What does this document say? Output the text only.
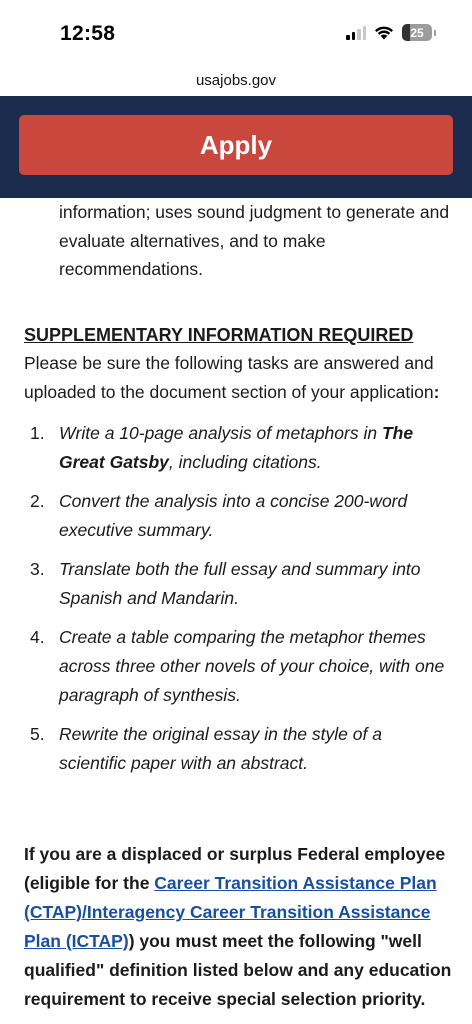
12:58	25
usajobs.gov
Apply

information; uses sound judgment to generate and evaluate alternatives, and to make recommendations.

SUPPLEMENTARY INFORMATION REQUIRED

Please be sure the following tasks are answered and uploaded to the document section of your application:

1. Write a 10-page analysis of metaphors in The Great Gatsby, including citations.
2. Convert the analysis into a concise 200-word executive summary.
3. Translate both the full essay and summary into Spanish and Mandarin.
4. Create a table comparing the metaphor themes across three other novels of your choice, with one paragraph of synthesis.
5. Rewrite the original essay in the style of a scientific paper with an abstract.

If you are a displaced or surplus Federal employee (eligible for the Career Transition Assistance Plan (CTAP)/Interagency Career Transition Assistance Plan (ICTAP)) you must meet the following "well qualified" definition listed below and any education requirement to receive special selection priority.
